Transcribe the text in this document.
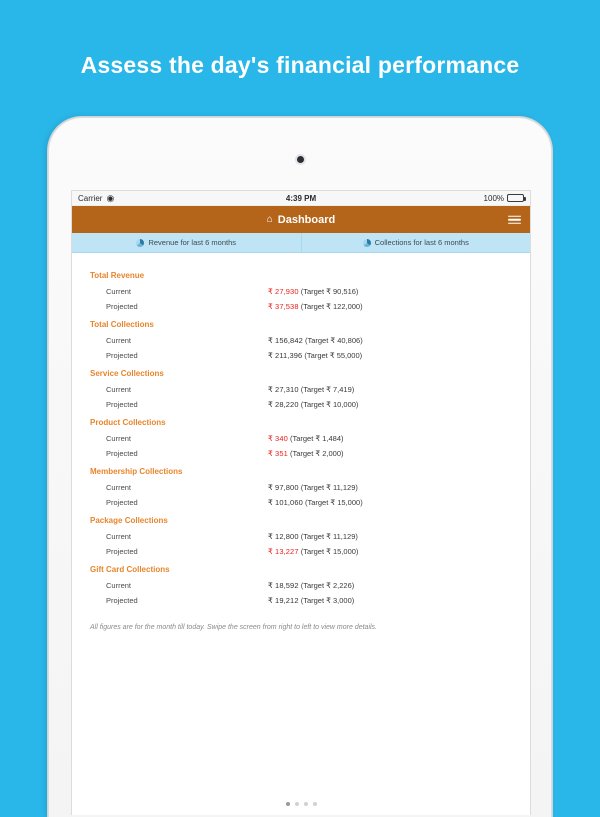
Assess the day's financial performance
Carrier ◉	4:39 PM	100%
⌂ Dashboard
Revenue for last 6 months	Collections for last 6 months
Total Revenue
Current	₹ 27,930 (Target ₹ 90,516)
Projected	₹ 37,538 (Target ₹ 122,000)
Total Collections
Current	₹ 156,842 (Target ₹ 40,806)
Projected	₹ 211,396 (Target ₹ 55,000)
Service Collections
Current	₹ 27,310 (Target ₹ 7,419)
Projected	₹ 28,220 (Target ₹ 10,000)
Product Collections
Current	₹ 340 (Target ₹ 1,484)
Projected	₹ 351 (Target ₹ 2,000)
Membership Collections
Current	₹ 97,800 (Target ₹ 11,129)
Projected	₹ 101,060 (Target ₹ 15,000)
Package Collections
Current	₹ 12,800 (Target ₹ 11,129)
Projected	₹ 13,227 (Target ₹ 15,000)
Gift Card Collections
Current	₹ 18,592 (Target ₹ 2,226)
Projected	₹ 19,212 (Target ₹ 3,000)
All figures are for the month till today. Swipe the screen from right to left to view more details.
